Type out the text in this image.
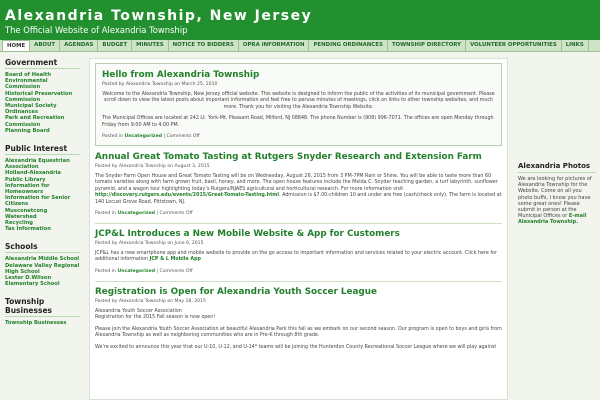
Alexandria Township, New Jersey
The Official Website of Alexandria Township
HOME	ABOUT	AGENDAS	BUDGET	MINUTES	NOTICE TO BIDDERS	OPRA INFORMATION	PENDING ORDINANCES	TOWNSHIP DIRECTORY	VOLUNTEER OPPORTUNITIES	LINKS
Government
Board of Health
Environmental Commission
Historical Preservation Commission
Municipal Society
Ordinances
Park and Recreation Commission
Planning Board
Public Interest
Alexandria Equestrian Association
Holland-Alexandria Public Library
Information for Homeowners
Information for Senior Citizens
Musconetcong Watershed
Recycling
Tax Information
Schools
Alexandria Middle School
Delaware Valley Regional High School
Lester D.Wilson Elementary School
Township Businesses
Township Businesses
Hello from Alexandria Township
Posted by Alexandria Township on March 25, 2010

Welcome to the Alexandria Township, New Jersey official website. This website is designed to inform the public of the activities of its municipal government. Please scroll down to view the latest posts about important information and feel free to peruse minutes of meetings, click on links to other township websites, and much more. Thank you for visiting the Alexandria Township Website.

The Municipal Offices are located at 242 Lt. York-Mt. Pleasant Road, Milford, NJ 08848. The phone Number is (908) 996-7071. The offices are open Monday through Friday from 9:00 AM to 4:00 PM.

Posted in Uncategorized | Comments Off
Annual Great Tomato Tasting at Rutgers Snyder Research and Extension Farm
Posted by Alexandria Township on August 3, 2015

The Snyder Farm Open House and Great Tomato Tasting will be on Wednesday, August 26, 2015 from 3 PM-7PM Rain or Shine. You will be able to taste more than 60 tomato varieties along with farm grown fruit, basil, honey, and more. The open house features include the Melda C. Snyder teaching garden, a turf labyrinth, sunflower pyramid, and a wagon tour highlighting today’s Rutgers/NJAES agricultural and horticultural research. For more information visit http://discovery.rutgers.edu/events/2015/Great-Tomato-Tasting.html. Admission is $7.00-children 10 and under are free (cash/check only). The farm is located at 140 Locust Grove Road, Pittstown, NJ.

Posted in Uncategorized | Comments Off
JCP&L Introduces a New Mobile Website & App for Customers
Posted by Alexandria Township on June 6, 2015

JCP&L has a new smartphone app and mobile website to provide on the go access to important information and services related to your electric account. Click here for additional information JCP & L Mobile App

Posted in Uncategorized | Comments Off
Registration is Open for Alexandria Youth Soccer League
Posted by Alexandria Township on May 18, 2015

Alexandria Youth Soccer Association

Registration for the 2015 Fall season is now open!

Please join the Alexandria Youth Soccer Association at beautiful Alexandria Park this fall as we embark on our second season. Our program is open to boys and girls from Alexandria Township as well as neighboring communities who are in Pre-K through 8th grade.

We’re excited to announce this year that our U-10, U-12, and U-14* teams will be joining the Hunterdon County Recreational Soccer League where we will play against

Alexandria Photos

We are looking for pictures of Alexandria Township for the Website. Come on all you photo buffs, I know you have some great ones! Please submit in person at the Municipal Offices or E-mail Alexandria Township.
